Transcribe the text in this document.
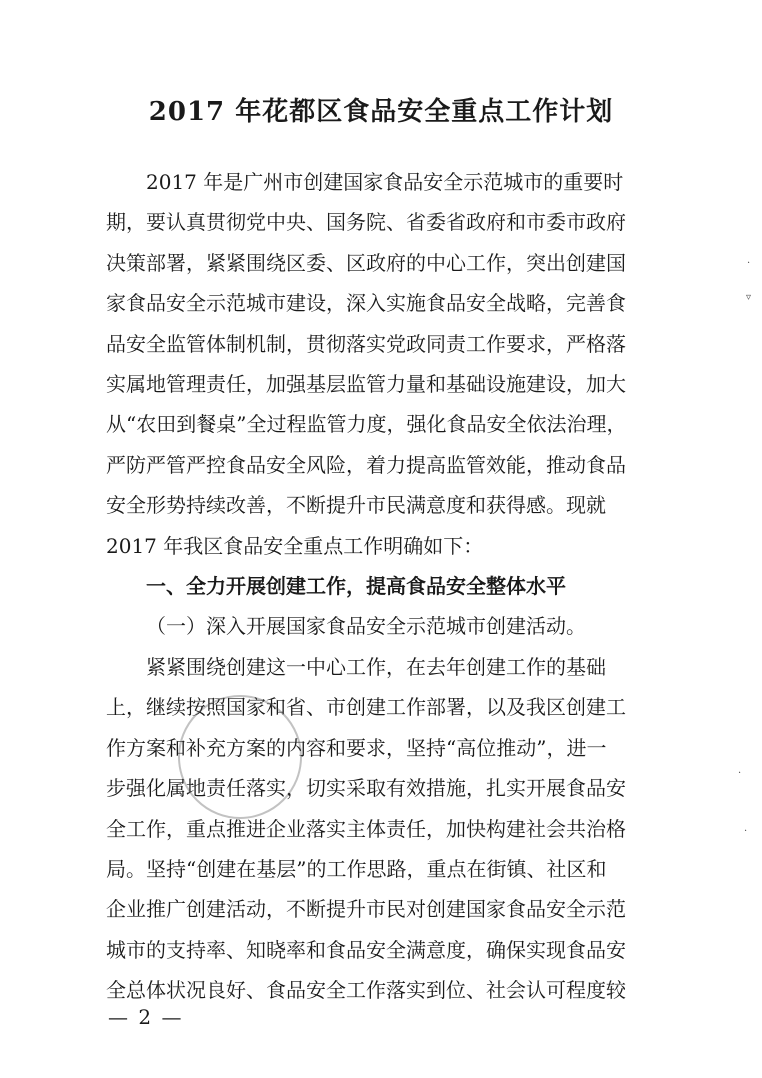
2017 年花都区食品安全重点工作计划
2017 年是广州市创建国家食品安全示范城市的重要时
期，要认真贯彻党中央、国务院、省委省政府和市委市政府
决策部署，紧紧围绕区委、区政府的中心工作，突出创建国
家食品安全示范城市建设，深入实施食品安全战略，完善食
品安全监管体制机制，贯彻落实党政同责工作要求，严格落
实属地管理责任，加强基层监管力量和基础设施建设，加大
从“农田到餐桌”全过程监管力度，强化食品安全依法治理，
严防严管严控食品安全风险，着力提高监管效能，推动食品
安全形势持续改善，不断提升市民满意度和获得感。现就
2017 年我区食品安全重点工作明确如下：
一、全力开展创建工作，提高食品安全整体水平
（一）深入开展国家食品安全示范城市创建活动。
紧紧围绕创建这一中心工作，在去年创建工作的基础
上，继续按照国家和省、市创建工作部署，以及我区创建工
作方案和补充方案的内容和要求，坚持“高位推动”，进一
步强化属地责任落实，切实采取有效措施，扎实开展食品安
全工作，重点推进企业落实主体责任，加快构建社会共治格
局。坚持“创建在基层”的工作思路，重点在街镇、社区和
企业推广创建活动，不断提升市民对创建国家食品安全示范
城市的支持率、知晓率和食品安全满意度，确保实现食品安
全总体状况良好、食品安全工作落实到位、社会认可程度较
·
▿
·
·
— 2 —
